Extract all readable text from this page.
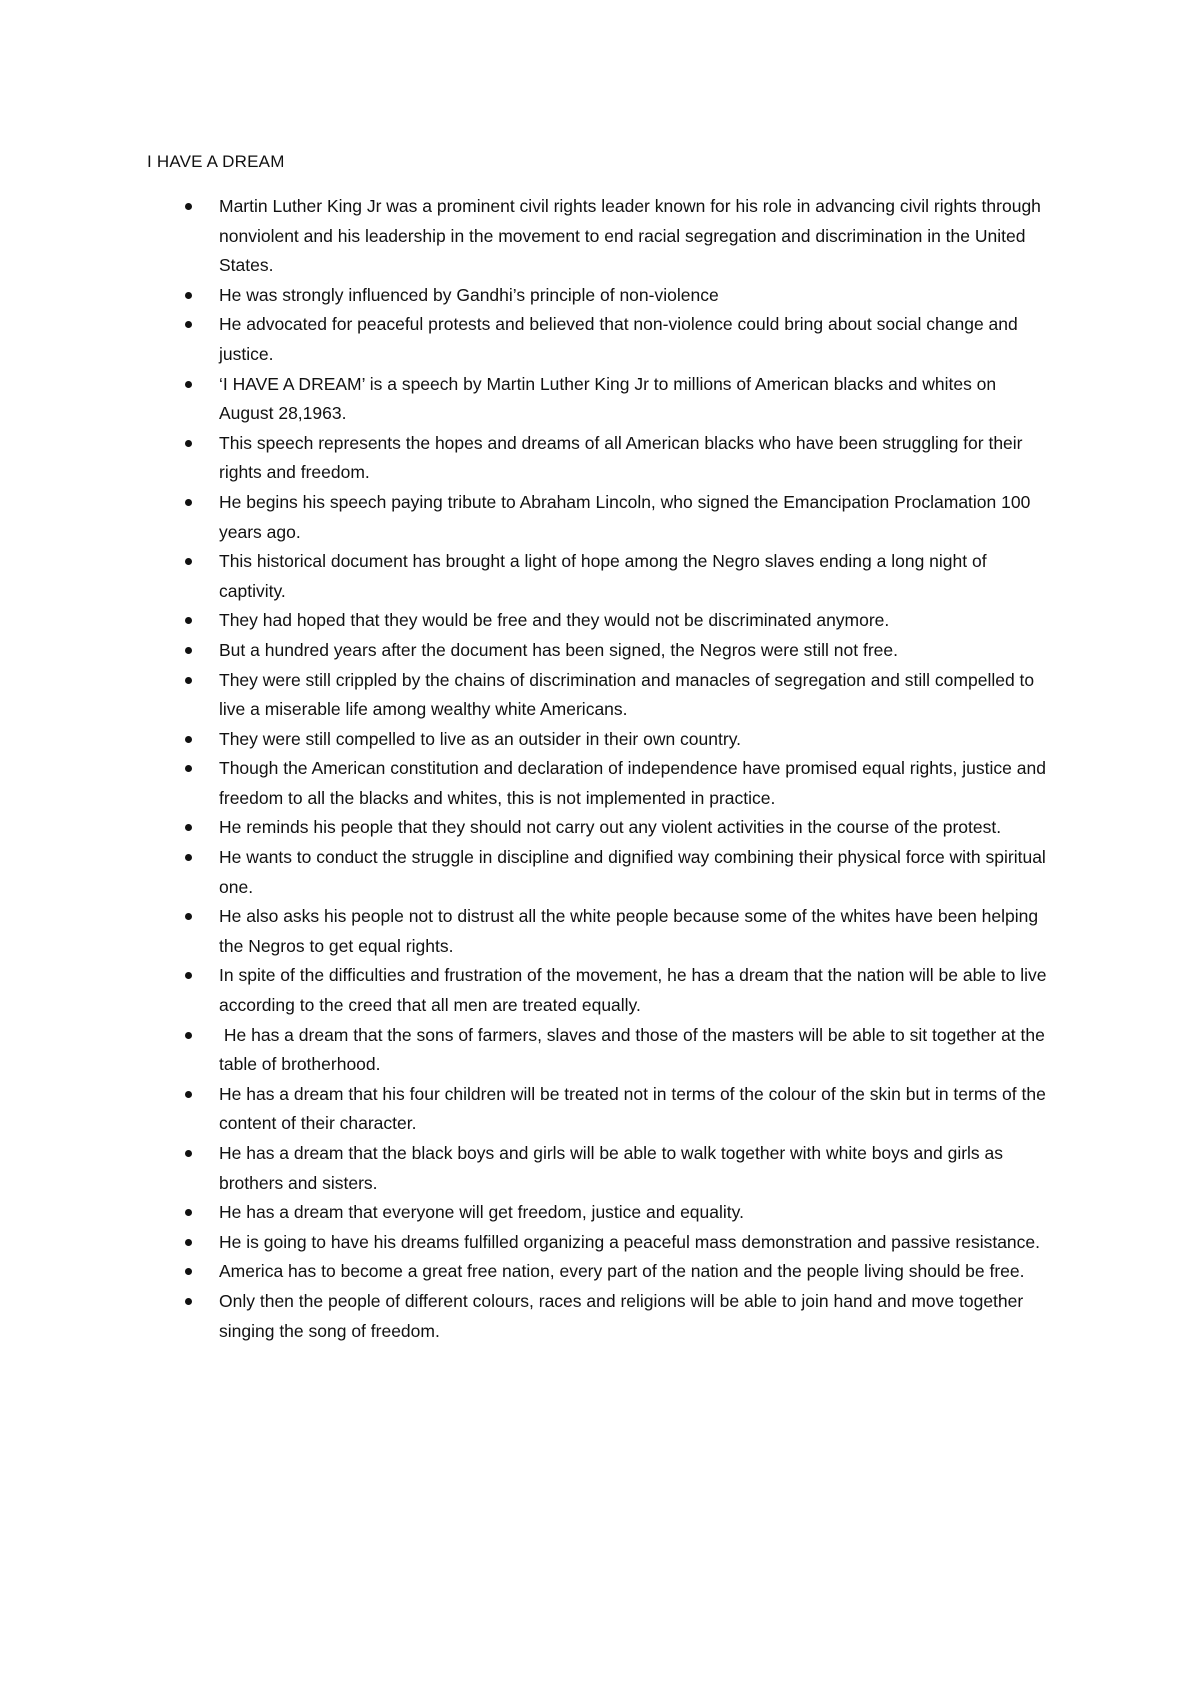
I HAVE A DREAM
Martin Luther King Jr was a prominent civil rights leader known for his role in advancing civil rights through nonviolent and his leadership in the movement to end racial segregation and discrimination in the United States.
He was strongly influenced by Gandhi’s principle of non-violence
He advocated for peaceful protests and believed that non-violence could bring about social change and justice.
‘I HAVE A DREAM’ is a speech by Martin Luther King Jr to millions of American blacks and whites on August 28,1963.
This speech represents the hopes and dreams of all American blacks who have been struggling for their rights and freedom.
He begins his speech paying tribute to Abraham Lincoln, who signed the Emancipation Proclamation 100 years ago.
This historical document has brought a light of hope among the Negro slaves ending a long night of captivity.
They had hoped that they would be free and they would not be discriminated anymore.
But a hundred years after the document has been signed, the Negros were still not free.
They were still crippled by the chains of discrimination and manacles of segregation and still compelled to live a miserable life among wealthy white Americans.
They were still compelled to live as an outsider in their own country.
Though the American constitution and declaration of independence have promised equal rights, justice and freedom to all the blacks and whites, this is not implemented in practice.
He reminds his people that they should not carry out any violent activities in the course of the protest.
He wants to conduct the struggle in discipline and dignified way combining their physical force with spiritual one.
He also asks his people not to distrust all the white people because some of the whites have been helping the Negros to get equal rights.
In spite of the difficulties and frustration of the movement, he has a dream that the nation will be able to live according to the creed that all men are treated equally.
He has a dream that the sons of farmers, slaves and those of the masters will be able to sit together at the table of brotherhood.
He has a dream that his four children will be treated not in terms of the colour of the skin but in terms of the content of their character.
He has a dream that the black boys and girls will be able to walk together with white boys and girls as brothers and sisters.
He has a dream that everyone will get freedom, justice and equality.
He is going to have his dreams fulfilled organizing a peaceful mass demonstration and passive resistance.
America has to become a great free nation, every part of the nation and the people living should be free.
Only then the people of different colours, races and religions will be able to join hand and move together singing the song of freedom.
